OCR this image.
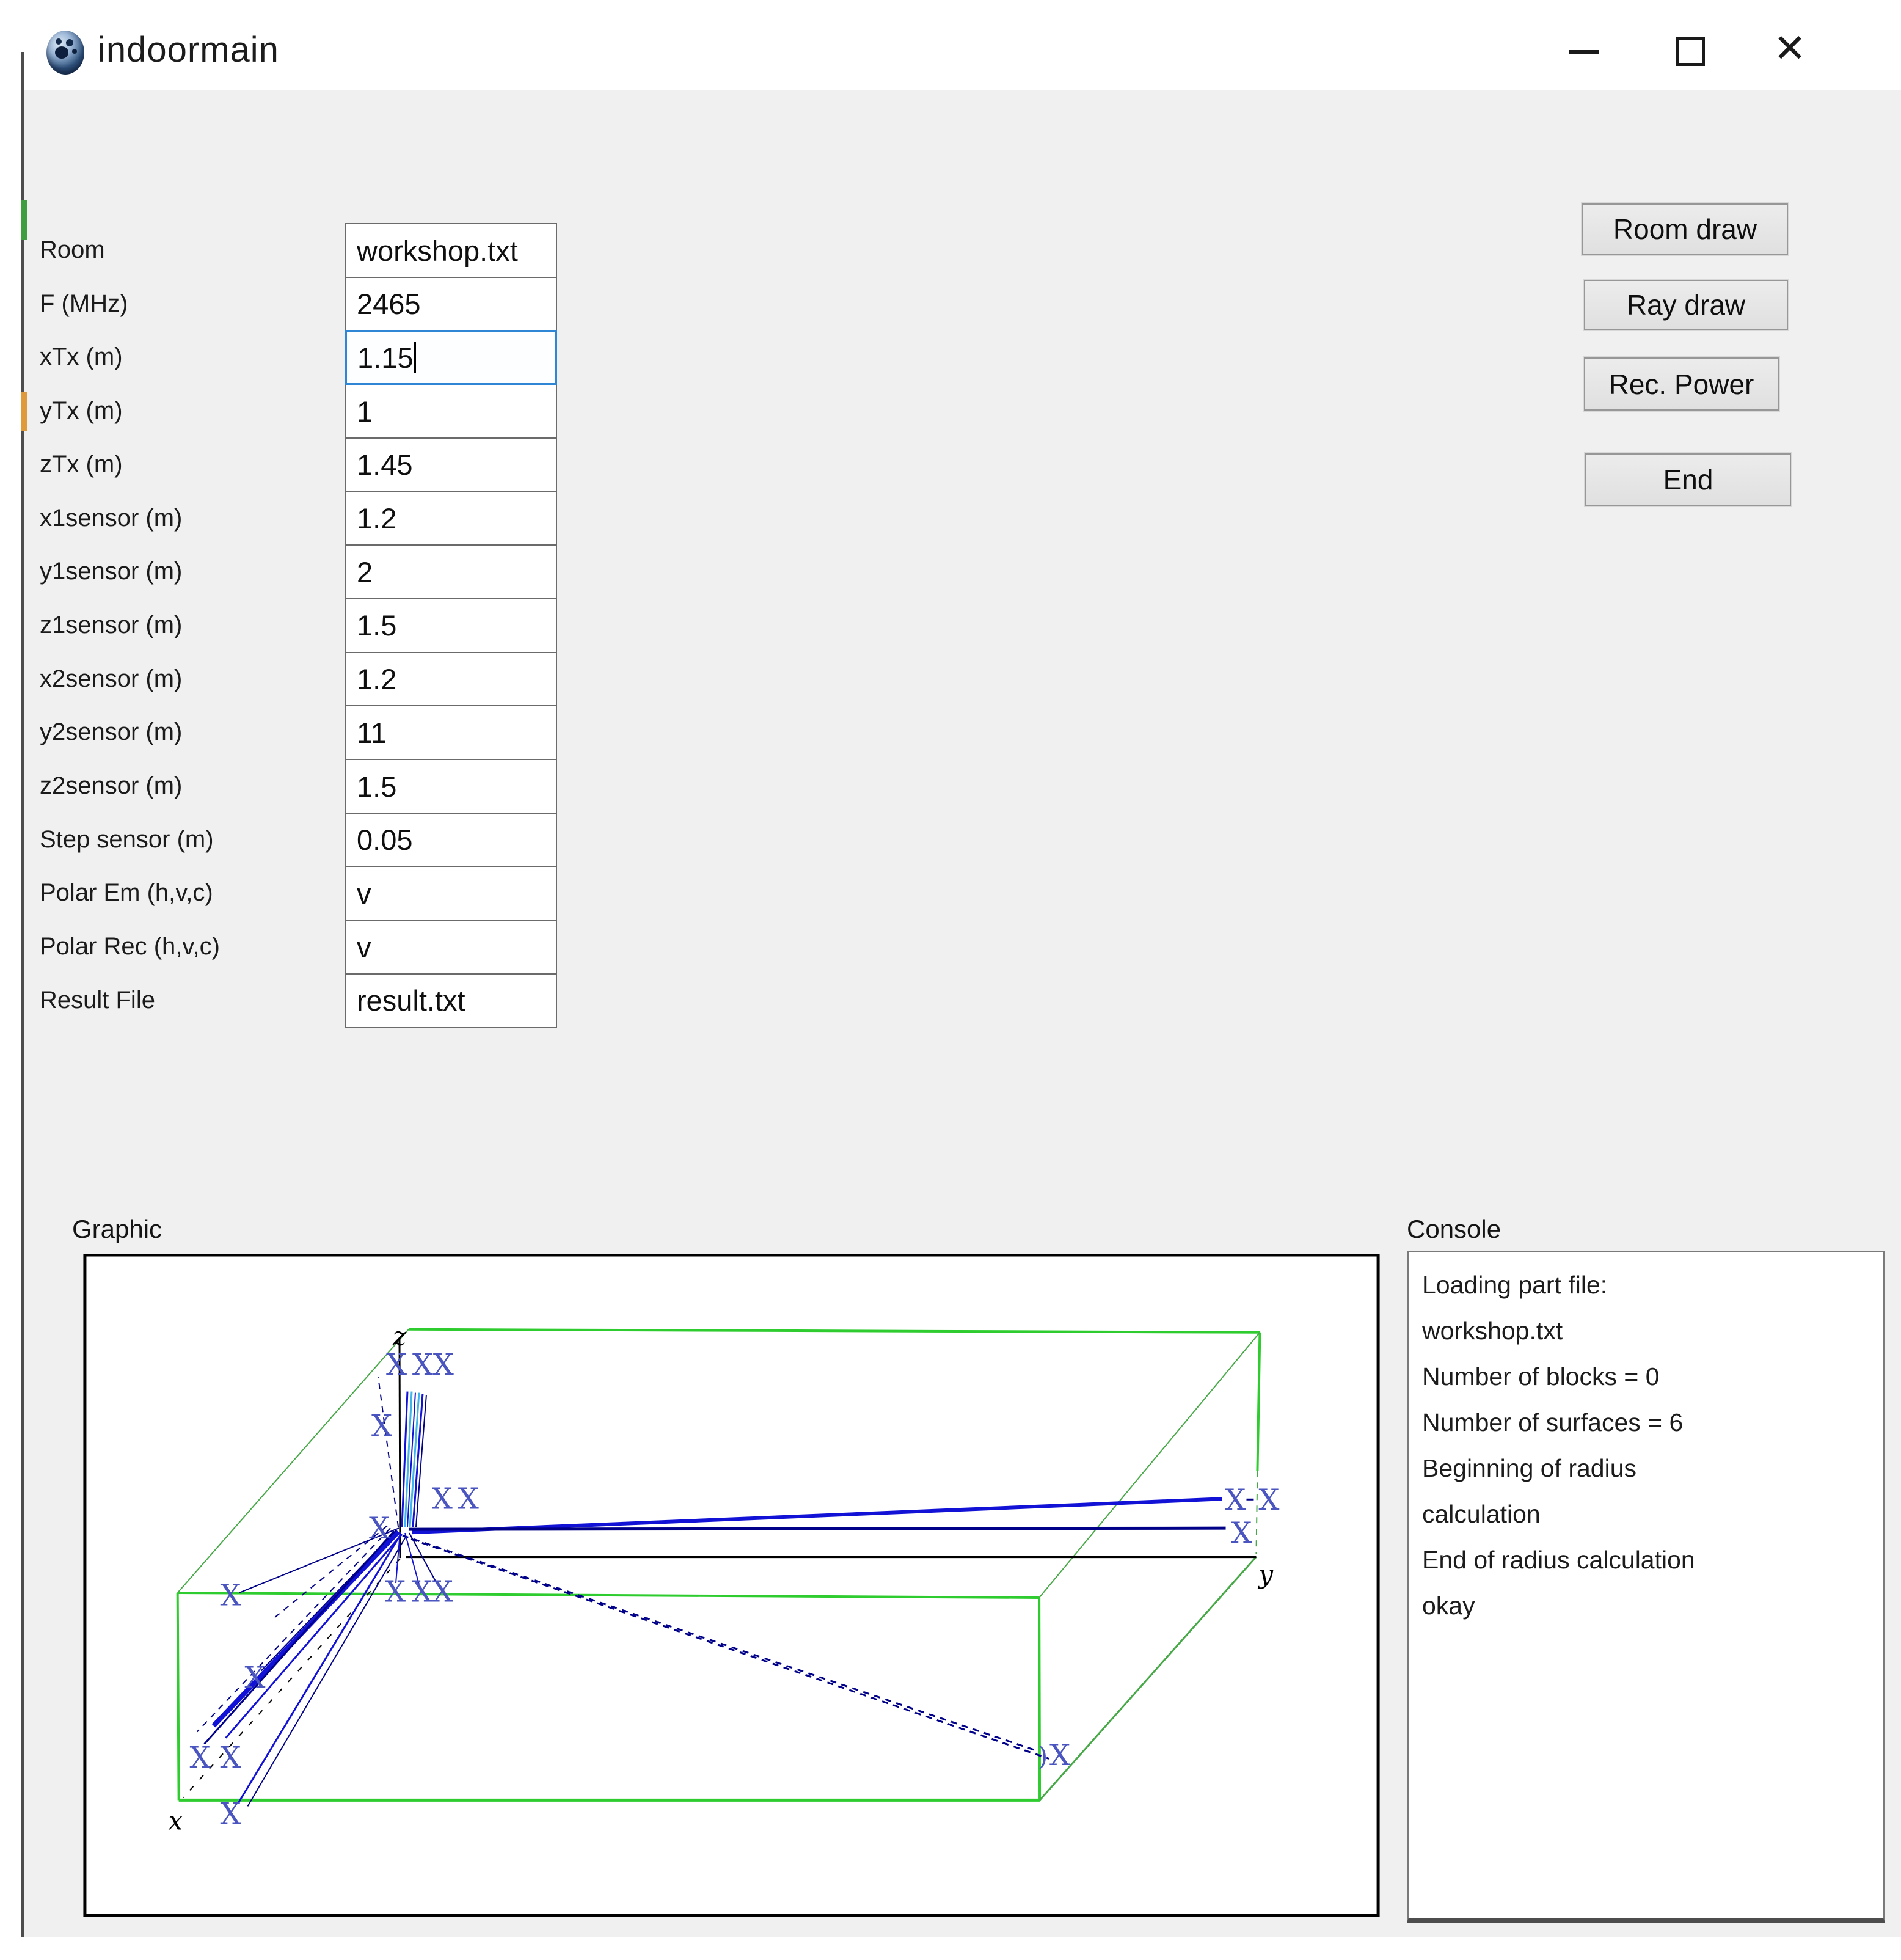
indoormain	✕
Room	workshop.txt
F (MHz)	2465
xTx (m)	1.15
yTx (m)	1
zTx (m)	1.45
x1sensor (m)	1.2
y1sensor (m)	2
z1sensor (m)	1.5
x2sensor (m)	1.2
y2sensor (m)	11
z2sensor (m)	1.5
Step sensor (m)	0.05
Polar Em (h,v,c)	v
Polar Rec (h,v,c)	v
Result File	result.txt
Room draw
Ray draw
Rec. Power
End
Graphic
X X X
X
X X
X
X X X
X
X
X X
X
X X
X
) X
z
y
x
Console
Loading part file:
workshop.txt
Number of blocks = 0
Number of surfaces = 6
Beginning of radius
calculation
End of radius calculation
okay
